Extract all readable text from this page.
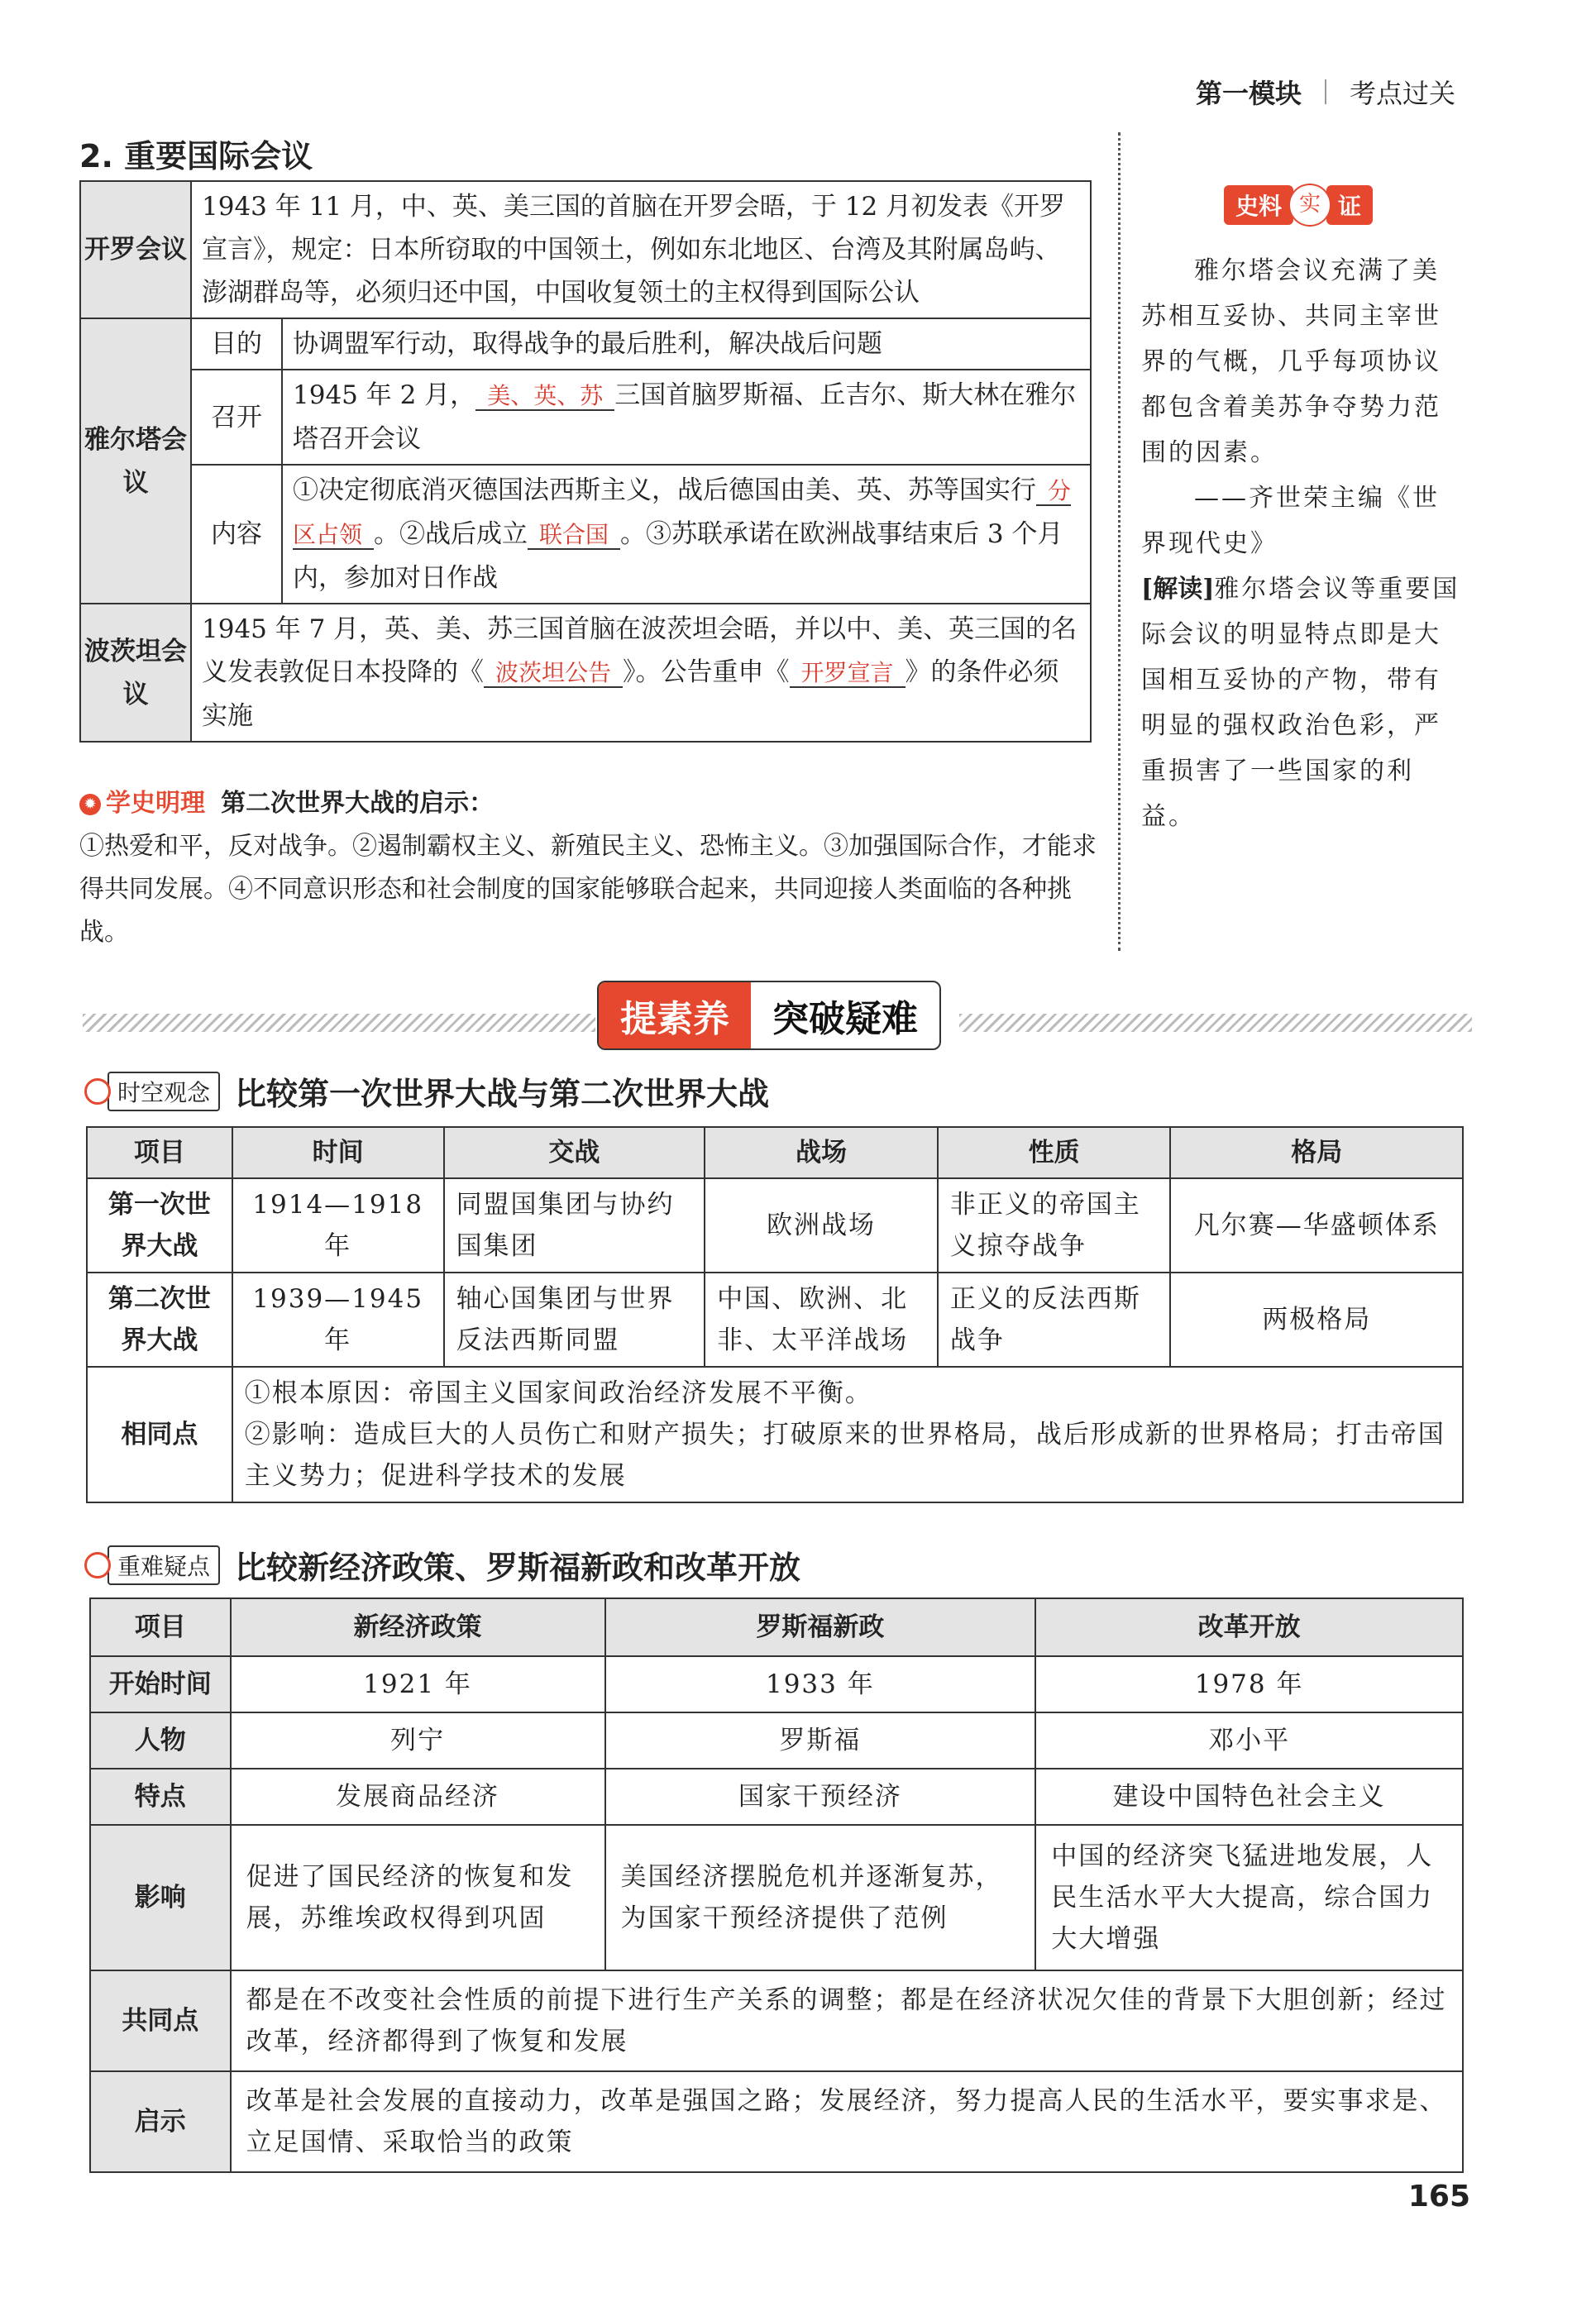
第一模块 考点过关
2. 重要国际会议
开罗会议	1943 年 11 月，中、英、美三国的首脑在开罗会晤，于 12 月初发表《开罗宣言》，规定：日本所窃取的中国领土，例如东北地区、台湾及其附属岛屿、澎湖群岛等，必须归还中国，中国收复领土的主权得到国际公认	
雅尔塔会议	目的	协调盟军行动，取得战争的最后胜利，解决战后问题
	召开	1945 年 2 月， 美、英、苏 三国首脑罗斯福、丘吉尔、斯大林在雅尔塔召开会议
	内容	①决定彻底消灭德国法西斯主义，战后德国由美、英、苏等国实行 分区占领 。②战后成立 联合国 。③苏联承诺在欧洲战事结束后 3 个月内，参加对日作战
波茨坦会议	1945 年 7 月，英、美、苏三国首脑在波茨坦会晤，并以中、美、英三国的名义发表敦促日本投降的《 波茨坦公告 》。公告重申《 开罗宣言 》的条件必须实施	
✹ 学史明理 第二次世界大战的启示：
①热爱和平，反对战争。②遏制霸权主义、新殖民主义、恐怖主义。③加强国际合作，才能求得共同发展。④不同意识形态和社会制度的国家能够联合起来，共同迎接人类面临的各种挑战。
史料 实 证

雅尔塔会议充满了美苏相互妥协、共同主宰世界的气概，几乎每项协议都包含着美苏争夺势力范围的因素。

——齐世荣主编《世界现代史》

[解读]雅尔塔会议等重要国际会议的明显特点即是大国相互妥协的产物，带有明显的强权政治色彩，严重损害了一些国家的利益。

提素养	突破疑难
时空观念 比较第一次世界大战与第二次世界大战
项目	时间	交战	战场	性质	格局
第一次世界大战	1914—1918 年	同盟国集团与协约国集团	欧洲战场	非正义的帝国主义掠夺战争	凡尔赛—华盛顿体系
第二次世界大战	1939—1945 年	轴心国集团与世界反法西斯同盟	中国、欧洲、北非、太平洋战场	正义的反法西斯战争	两极格局
相同点	①根本原因：帝国主义国家间政治经济发展不平衡。
②影响：造成巨大的人员伤亡和财产损失；打破原来的世界格局，战后形成新的世界格局；打击帝国主义势力；促进科学技术的发展				
重难疑点 比较新经济政策、罗斯福新政和改革开放
项目	新经济政策	罗斯福新政	改革开放
开始时间	1921 年	1933 年	1978 年
人物	列宁	罗斯福	邓小平
特点	发展商品经济	国家干预经济	建设中国特色社会主义
影响	促进了国民经济的恢复和发展，苏维埃政权得到巩固	美国经济摆脱危机并逐渐复苏，为国家干预经济提供了范例	中国的经济突飞猛进地发展，人民生活水平大大提高，综合国力大大增强
共同点	都是在不改变社会性质的前提下进行生产关系的调整；都是在经济状况欠佳的背景下大胆创新；经过改革，经济都得到了恢复和发展		
启示	改革是社会发展的直接动力，改革是强国之路；发展经济，努力提高人民的生活水平，要实事求是、立足国情、采取恰当的政策		
165
